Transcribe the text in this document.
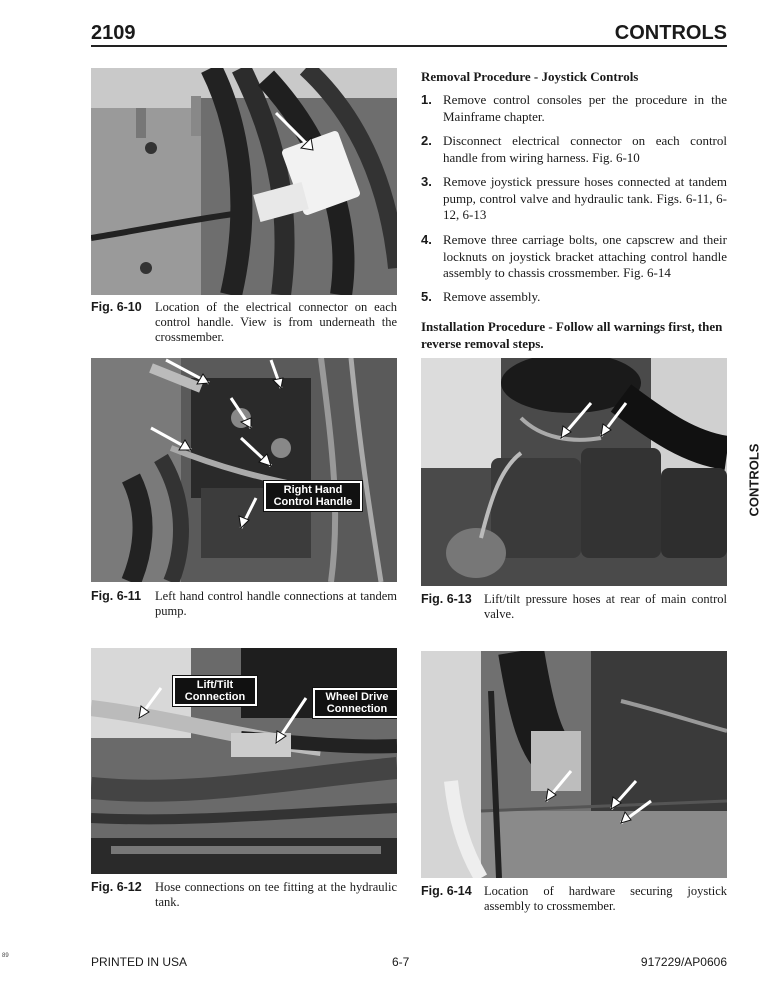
2109	CONTROLS
Fig. 6-10 Location of the electrical connector on each control handle. View is from underneath the crossmember.
Right Hand Control Handle
Fig. 6-11 Left hand control handle connections at tandem pump.
Lift/Tilt Connection	Wheel Drive Connection
Fig. 6-12 Hose connections on tee fitting at the hydraulic tank.
Removal Procedure - Joystick Controls
1. Remove control consoles per the procedure in the Mainframe chapter.
2. Disconnect electrical connector on each control handle from wiring harness. Fig. 6-10
3. Remove joystick pressure hoses connected at tandem pump, control valve and hydraulic tank. Figs. 6-11, 6-12, 6-13
4. Remove three carriage bolts, one capscrew and their locknuts on joystick bracket attaching control handle assembly to chassis crossmember. Fig. 6-14
5. Remove assembly.
Installation Procedure - Follow all warnings first, then reverse removal steps.
Fig. 6-13 Lift/tilt pressure hoses at rear of main control valve.
Fig. 6-14 Location of hardware securing joystick assembly to crossmember.
CONTROLS
89	PRINTED IN USA	6-7	917229/AP0606
